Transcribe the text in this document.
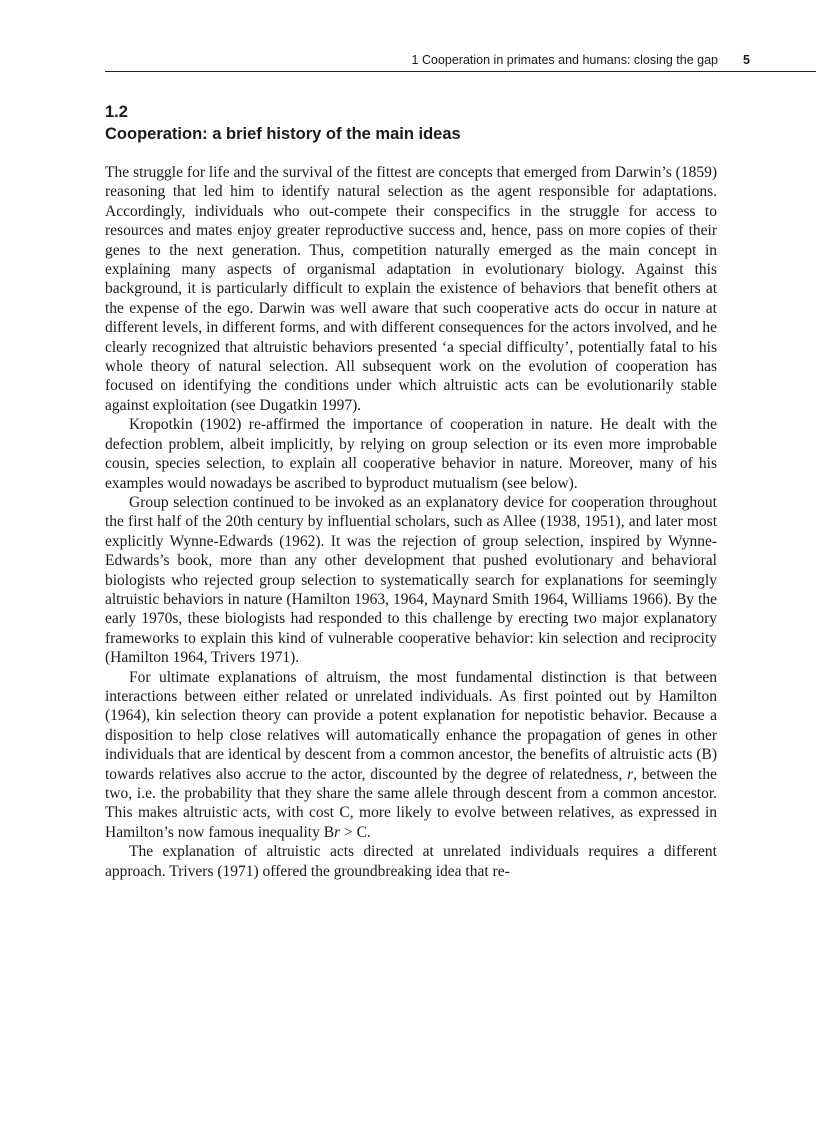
1 Cooperation in primates and humans: closing the gap 5
1.2
Cooperation: a brief history of the main ideas

The struggle for life and the survival of the fittest are concepts that emerged from Darwin’s (1859) reasoning that led him to identify natural selection as the agent responsible for adaptations. Accordingly, individuals who out-compete their conspecifics in the struggle for access to resources and mates enjoy greater reproductive success and, hence, pass on more copies of their genes to the next generation. Thus, competition naturally emerged as the main concept in explaining many aspects of organismal adaptation in evolutionary biology. Against this background, it is particularly difficult to explain the existence of behaviors that benefit others at the expense of the ego. Darwin was well aware that such cooperative acts do occur in nature at different levels, in different forms, and with different consequences for the actors involved, and he clearly recognized that altruistic behaviors presented ‘a special difficulty’, potentially fatal to his whole theory of natural selection. All subsequent work on the evolution of cooperation has focused on identifying the conditions under which altruistic acts can be evolutionarily stable against exploitation (see Dugatkin 1997).

Kropotkin (1902) re-affirmed the importance of cooperation in nature. He dealt with the defection problem, albeit implicitly, by relying on group selection or its even more improbable cousin, species selection, to explain all cooperative behavior in nature. Moreover, many of his examples would nowadays be ascribed to byproduct mutualism (see below).

Group selection continued to be invoked as an explanatory device for cooperation throughout the first half of the 20th century by influential scholars, such as Allee (1938, 1951), and later most explicitly Wynne-Edwards (1962). It was the rejection of group selection, inspired by Wynne-Edwards’s book, more than any other development that pushed evolutionary and behavioral biologists who rejected group selection to systematically search for explanations for seemingly altruistic behaviors in nature (Hamilton 1963, 1964, Maynard Smith 1964, Williams 1966). By the early 1970s, these biologists had responded to this challenge by erecting two major explanatory frameworks to explain this kind of vulnerable cooperative behavior: kin selection and reciprocity (Hamilton 1964, Trivers 1971).

For ultimate explanations of altruism, the most fundamental distinction is that between interactions between either related or unrelated individuals. As first pointed out by Hamilton (1964), kin selection theory can provide a potent explanation for nepotistic behavior. Because a disposition to help close relatives will automatically enhance the propagation of genes in other individuals that are identical by descent from a common ancestor, the benefits of altruistic acts (B) towards relatives also accrue to the actor, discounted by the degree of relatedness, r, between the two, i.e. the probability that they share the same allele through descent from a common ancestor. This makes altruistic acts, with cost C, more likely to evolve between relatives, as expressed in Hamilton’s now famous inequality Br > C.

The explanation of altruistic acts directed at unrelated individuals requires a different approach. Trivers (1971) offered the groundbreaking idea that re-
